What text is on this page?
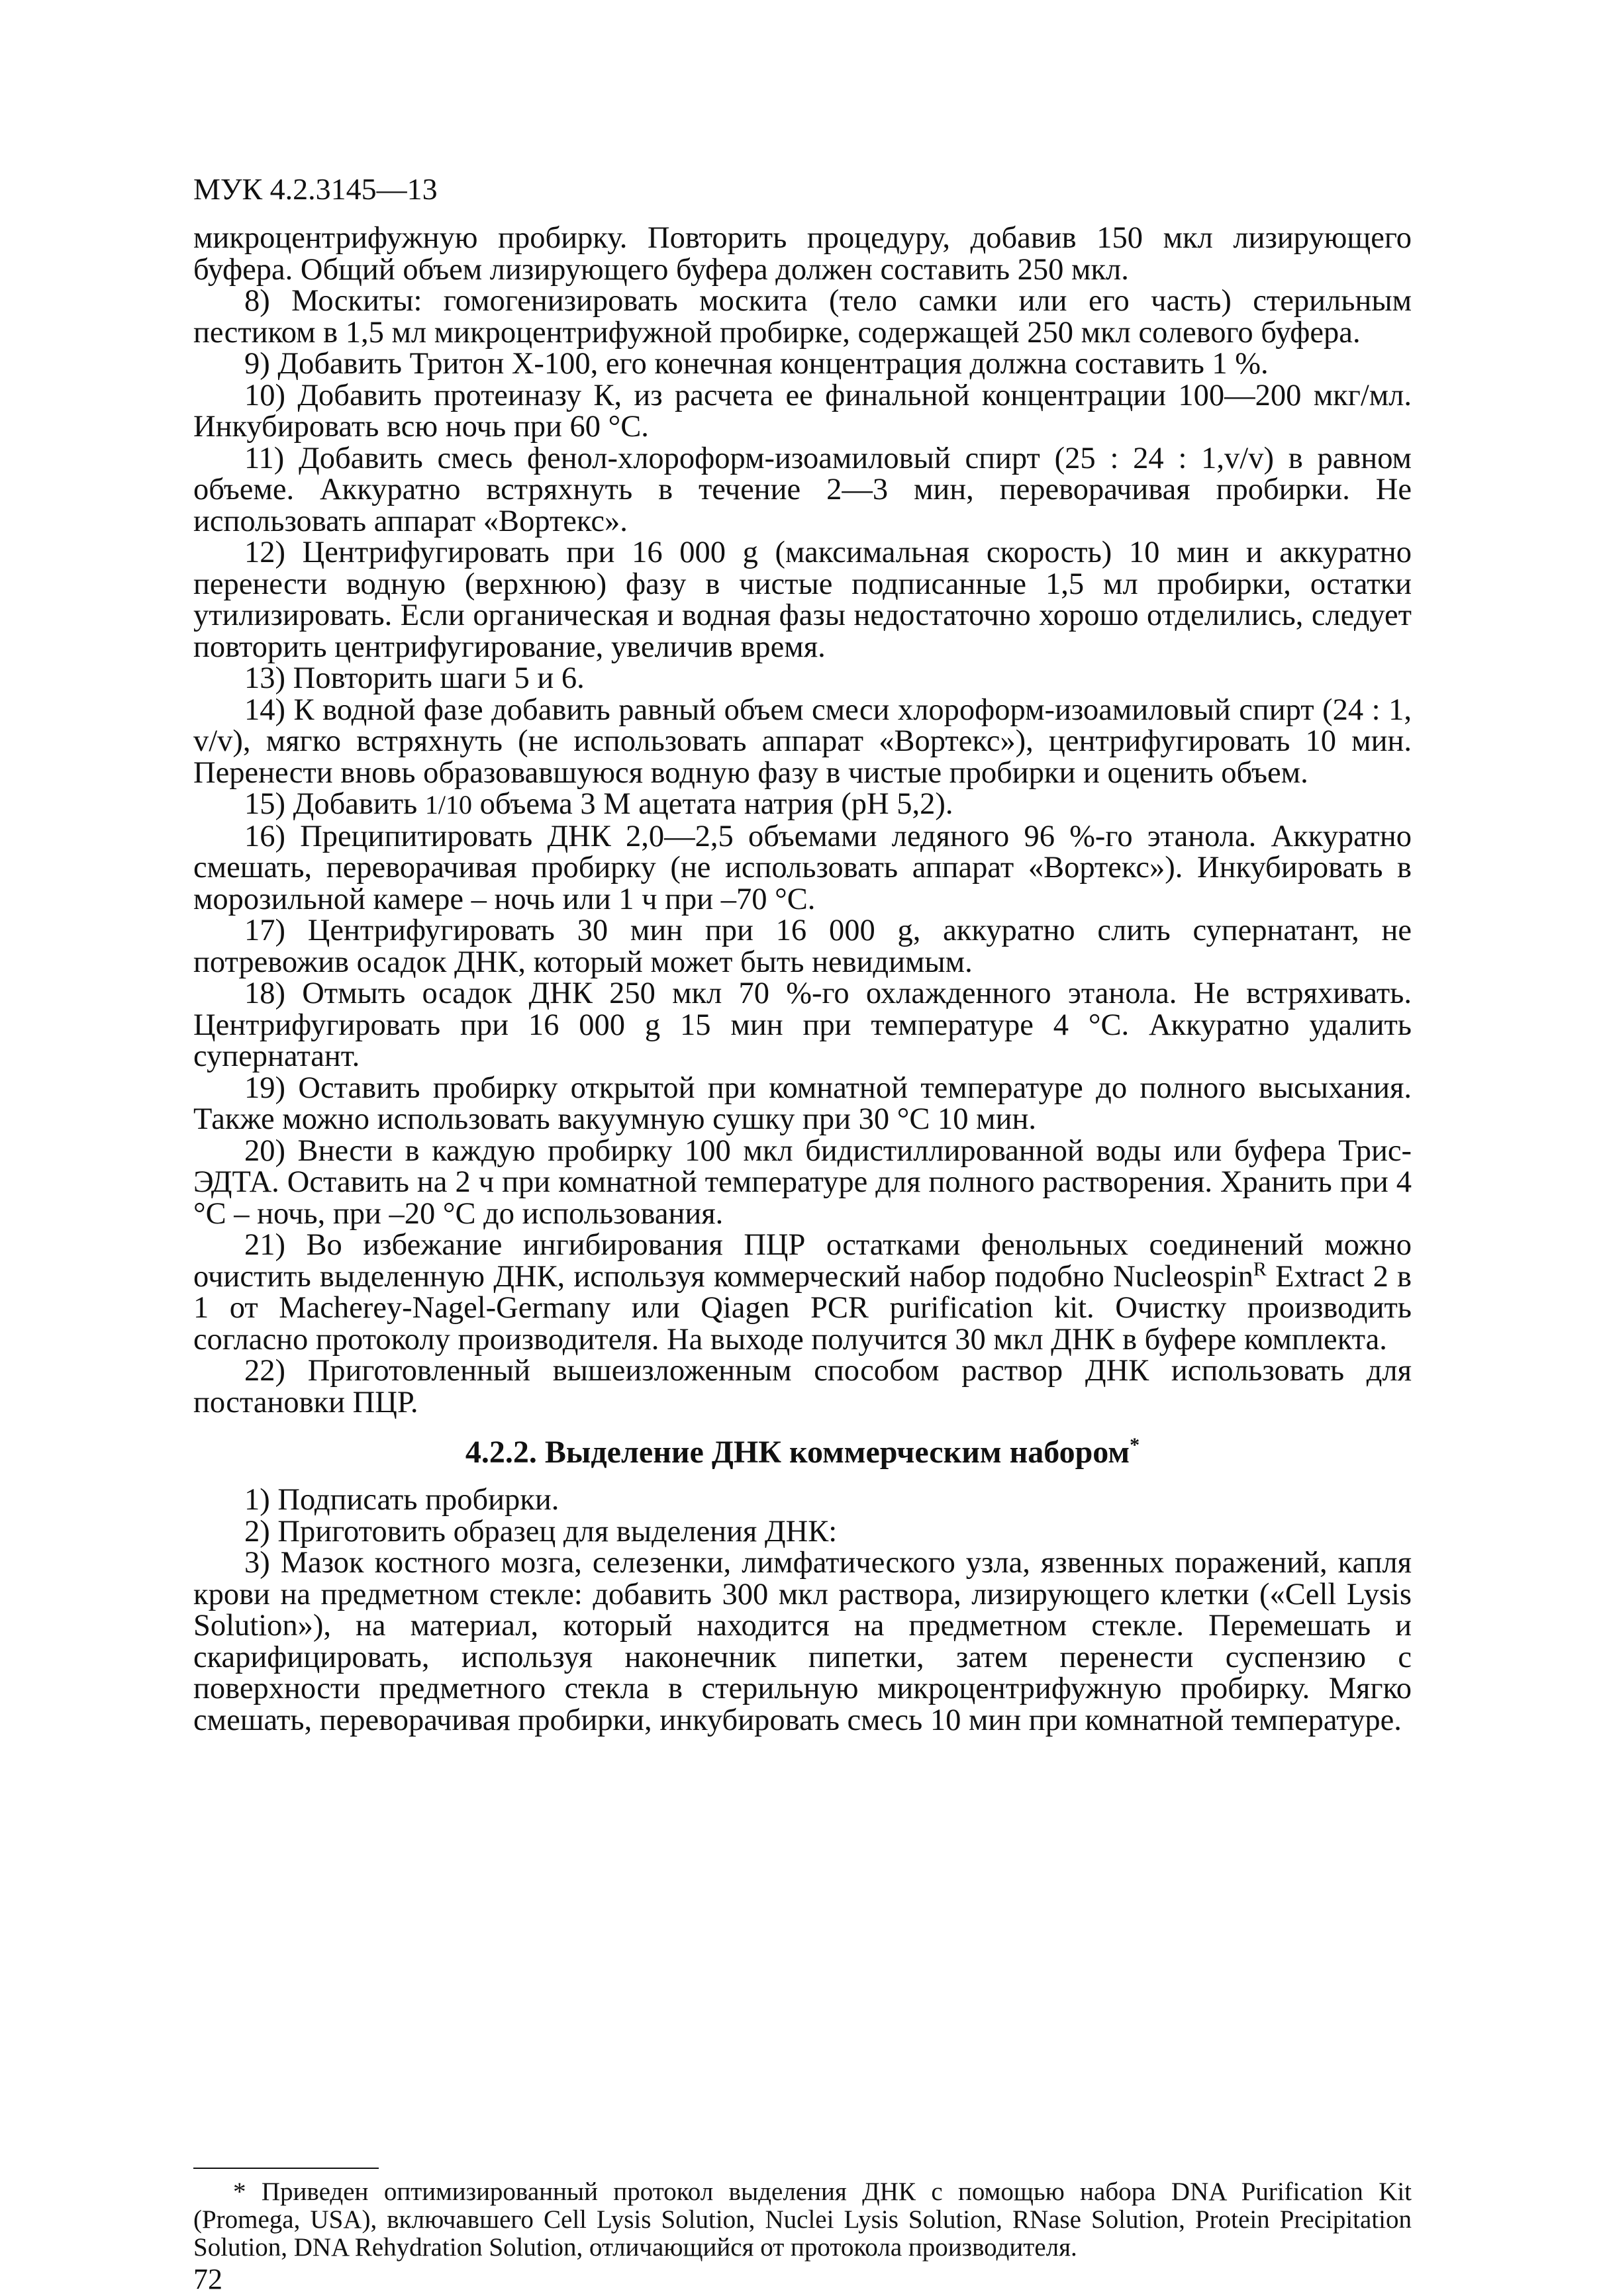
МУК 4.2.3145—13

микроцентрифужную пробирку. Повторить процедуру, добавив 150 мкл лизирующего буфера. Общий объем лизирующего буфера должен составить 250 мкл.

8) Москиты: гомогенизировать москита (тело самки или его часть) стерильным пестиком в 1,5 мл микроцентрифужной пробирке, содержащей 250 мкл солевого буфера.

9) Добавить Тритон Х-100, его конечная концентрация должна составить 1 %.

10) Добавить протеиназу К, из расчета ее финальной концентрации 100—200 мкг/мл. Инкубировать всю ночь при 60 °С.

11) Добавить смесь фенол-хлороформ-изоамиловый спирт (25 : 24 : 1,v/v) в равном объеме. Аккуратно встряхнуть в течение 2—3 мин, переворачивая пробирки. Не использовать аппарат «Вортекс».

12) Центрифугировать при 16 000 g (максимальная скорость) 10 мин и аккуратно перенести водную (верхнюю) фазу в чистые подписанные 1,5 мл пробирки, остатки утилизировать. Если органическая и водная фазы недостаточно хорошо отделились, следует повторить центрифугирование, увеличив время.

13) Повторить шаги 5 и 6.

14) К водной фазе добавить равный объем смеси хлороформ-изоамиловый спирт (24 : 1, v/v), мягко встряхнуть (не использовать аппарат «Вортекс»), центрифугировать 10 мин. Перенести вновь образовавшуюся водную фазу в чистые пробирки и оценить объем.

15) Добавить 1/10 объема 3 М ацетата натрия (рН 5,2).

16) Преципитировать ДНК 2,0—2,5 объемами ледяного 96 %-го этанола. Аккуратно смешать, переворачивая пробирку (не использовать аппарат «Вортекс»). Инкубировать в морозильной камере – ночь или 1 ч при –70 °С.

17) Центрифугировать 30 мин при 16 000 g, аккуратно слить супернатант, не потревожив осадок ДНК, который может быть невидимым.

18) Отмыть осадок ДНК 250 мкл 70 %-го охлажденного этанола. Не встряхивать. Центрифугировать при 16 000 g 15 мин при температуре 4 °С. Аккуратно удалить супернатант.

19) Оставить пробирку открытой при комнатной температуре до полного высыхания. Также можно использовать вакуумную сушку при 30 °С 10 мин.

20) Внести в каждую пробирку 100 мкл бидистиллированной воды или буфера Трис-ЭДТА. Оставить на 2 ч при комнатной температуре для полного растворения. Хранить при 4 °С – ночь, при –20 °С до использования.

21) Во избежание ингибирования ПЦР остатками фенольных соединений можно очистить выделенную ДНК, используя коммерческий набор подобно Nucleospin$^R$ Extract 2 в 1 от Macherey-Nagel-Germany или Qiagen PCR purification kit. Очистку производить согласно протоколу производителя. На выходе получится 30 мкл ДНК в буфере комплекта.

22) Приготовленный вышеизложенным способом раствор ДНК использовать для постановки ПЦР.

4.2.2. Выделение ДНК коммерческим набором*

1) Подписать пробирки.

2) Приготовить образец для выделения ДНК:

3) Мазок костного мозга, селезенки, лимфатического узла, язвенных поражений, капля крови на предметном стекле: добавить 300 мкл раствора, лизирующего клетки («Cell Lysis Solution»), на материал, который находится на предметном стекле. Перемешать и скарифицировать, используя наконечник пипетки, затем перенести суспензию с поверхности предметного стекла в стерильную микроцентрифужную пробирку. Мягко смешать, переворачивая пробирки, инкубировать смесь 10 мин при комнатной температуре.

* Приведен оптимизированный протокол выделения ДНК с помощью набора DNA Purification Kit (Promega, USA), включавшего Cell Lysis Solution, Nuclei Lysis Solution, RNase Solution, Protein Precipitation Solution, DNA Rehydration Solution, отличающийся от протокола производителя.

72
